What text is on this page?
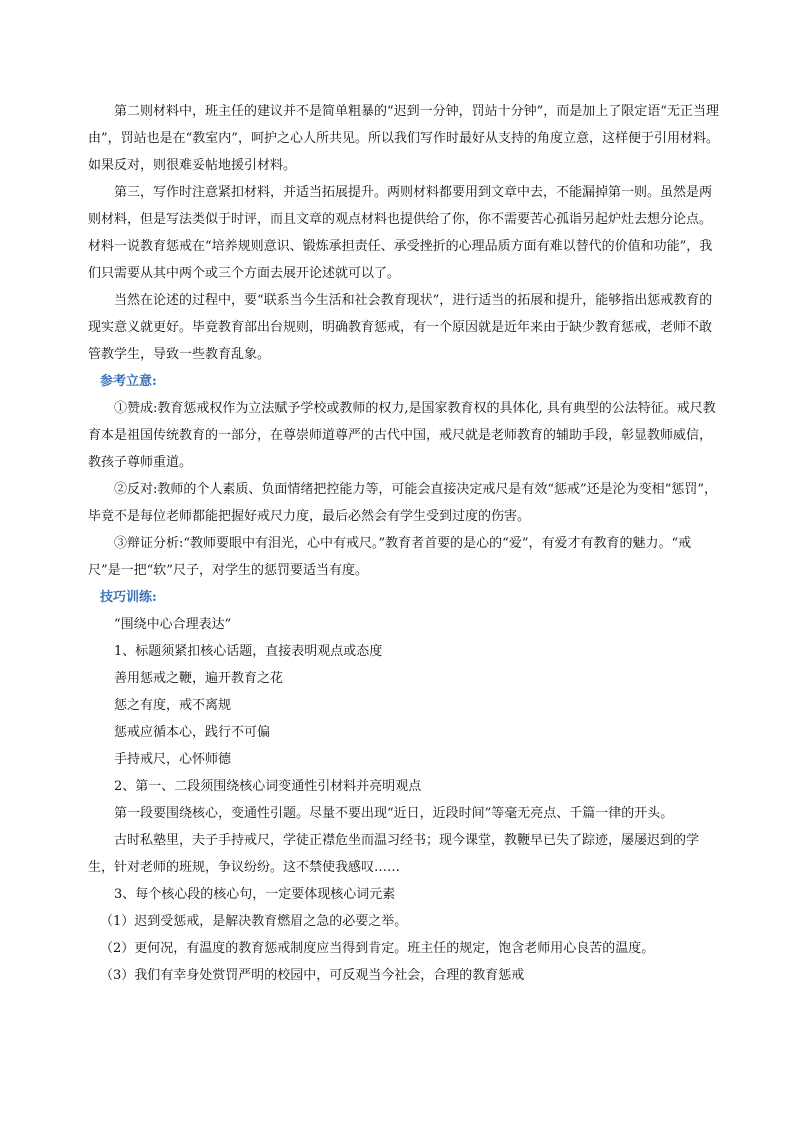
第二则材料中，班主任的建议并不是简单粗暴的“迟到一分钟，罚站十分钟”，而是加上了限定语“无正当理由”，罚站也是在“教室内”，呵护之心人所共见。所以我们写作时最好从支持的角度立意，这样便于引用材料。如果反对，则很难妥帖地援引材料。

第三，写作时注意紧扣材料，并适当拓展提升。两则材料都要用到文章中去，不能漏掉第一则。虽然是两则材料，但是写法类似于时评，而且文章的观点材料也提供给了你，你不需要苦心孤诣另起炉灶去想分论点。材料一说教育惩戒在“培养规则意识、锻炼承担责任、承受挫折的心理品质方面有难以替代的价值和功能”，我们只需要从其中两个或三个方面去展开论述就可以了。

当然在论述的过程中，要“联系当今生活和社会教育现状”，进行适当的拓展和提升，能够指出惩戒教育的现实意义就更好。毕竟教育部出台规则，明确教育惩戒，有一个原因就是近年来由于缺少教育惩戒，老师不敢管教学生，导致一些教育乱象。

参考立意:

①赞成:教育惩戒权作为立法赋予学校或教师的权力,是国家教育权的具体化, 具有典型的公法特征。戒尺教育本是祖国传统教育的一部分，在尊崇师道尊严的古代中国，戒尺就是老师教育的辅助手段，彰显教师威信，教孩子尊师重道。

②反对:教师的个人素质、负面情绪把控能力等，可能会直接决定戒尺是有效“惩戒”还是沦为变相“惩罚”，毕竟不是每位老师都能把握好戒尺力度，最后必然会有学生受到过度的伤害。

③辩证分析:“教师要眼中有泪光，心中有戒尺。”教育者首要的是心的“爱”，有爱才有教育的魅力。“戒尺”是一把“软”尺子，对学生的惩罚要适当有度。

技巧训练:

“围绕中心合理表达”

1、标题须紧扣核心话题，直接表明观点或态度

善用惩戒之鞭，遍开教育之花

惩之有度，戒不离规

惩戒应循本心，践行不可偏

手持戒尺，心怀师德

2、第一、二段须围绕核心词变通性引材料并亮明观点

第一段要围绕核心，变通性引题。尽量不要出现“近日，近段时间”等毫无亮点、千篇一律的开头。

古时私塾里，夫子手持戒尺，学徒正襟危坐而温习经书；现今课堂，教鞭早已失了踪迹，屡屡迟到的学生，针对老师的班规，争议纷纷。这不禁使我感叹……

3、每个核心段的核心句，一定要体现核心词元素

（1）迟到受惩戒，是解决教育燃眉之急的必要之举。

（2）更何况，有温度的教育惩戒制度应当得到肯定。班主任的规定，饱含老师用心良苦的温度。

（3）我们有幸身处赏罚严明的校园中，可反观当今社会，合理的教育惩戒
